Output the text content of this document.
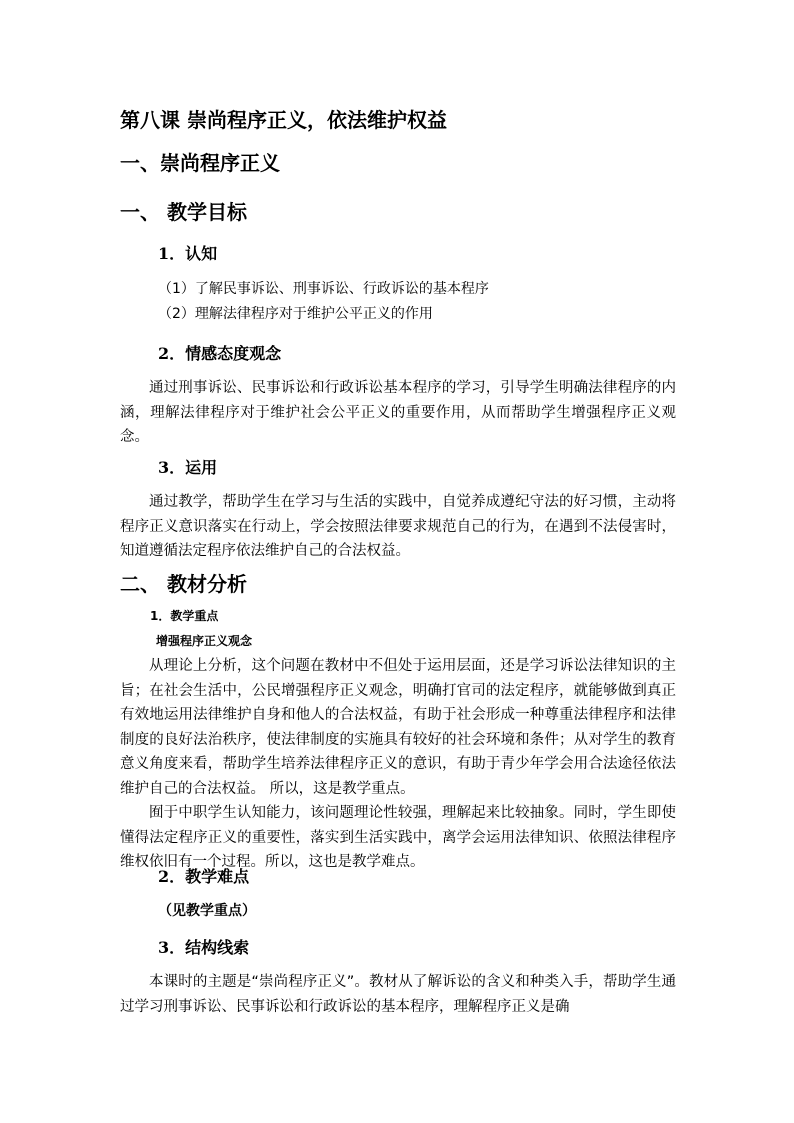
第八课 崇尚程序正义，依法维护权益
一、崇尚程序正义
一、 教学目标
1．认知
（1）了解民事诉讼、刑事诉讼、行政诉讼的基本程序
（2）理解法律程序对于维护公平正义的作用
2．情感态度观念
通过刑事诉讼、民事诉讼和行政诉讼基本程序的学习，引导学生明确法律程序的内涵，理解法律程序对于维护社会公平正义的重要作用，从而帮助学生增强程序正义观念。
3．运用
通过教学，帮助学生在学习与生活的实践中，自觉养成遵纪守法的好习惯，主动将程序正义意识落实在行动上，学会按照法律要求规范自己的行为，在遇到不法侵害时，知道遵循法定程序依法维护自己的合法权益。
二、 教材分析
1．教学重点
增强程序正义观念
从理论上分析，这个问题在教材中不但处于运用层面，还是学习诉讼法律知识的主旨；在社会生活中，公民增强程序正义观念，明确打官司的法定程序，就能够做到真正有效地运用法律维护自身和他人的合法权益，有助于社会形成一种尊重法律程序和法律制度的良好法治秩序，使法律制度的实施具有较好的社会环境和条件；从对学生的教育意义角度来看，帮助学生培养法律程序正义的意识，有助于青少年学会用合法途径依法维护自己的合法权益。 所以，这是教学重点。
囿于中职学生认知能力，该问题理论性较强，理解起来比较抽象。同时，学生即使懂得法定程序正义的重要性，落实到生活实践中，离学会运用法律知识、依照法律程序维权依旧有一个过程。所以，这也是教学难点。
2．教学难点
（见教学重点）
3．结构线索
本课时的主题是“崇尚程序正义”。教材从了解诉讼的含义和种类入手，帮助学生通过学习刑事诉讼、民事诉讼和行政诉讼的基本程序，理解程序正义是确
